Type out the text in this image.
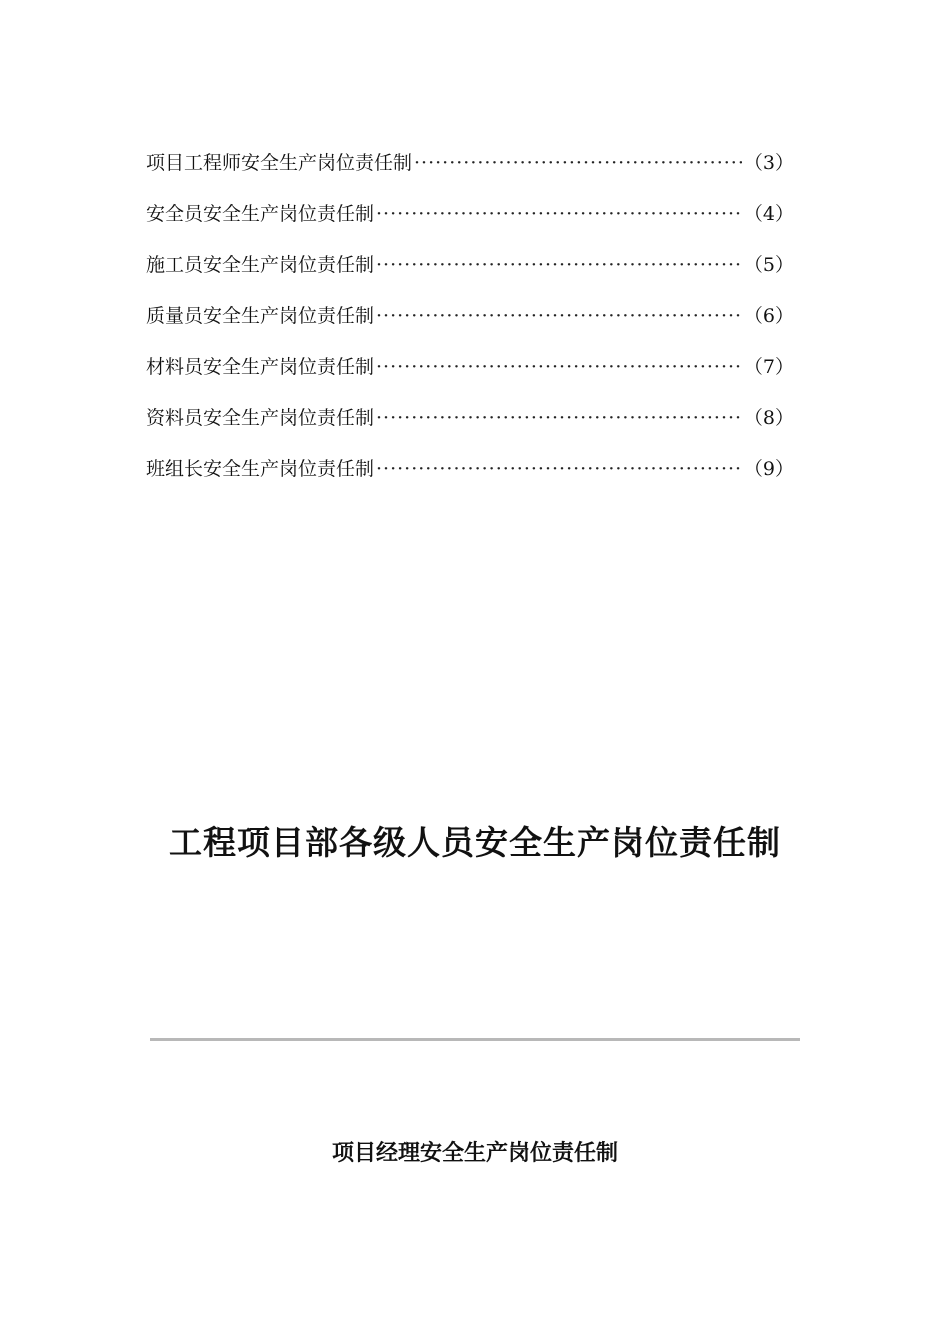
项目工程师安全生产岗位责任制 ·····	（3）
安全员安全生产岗位责任制 ·····	（4）
施工员安全生产岗位责任制 ·····	（5）
质量员安全生产岗位责任制 ·····	（6）
材料员安全生产岗位责任制 ·····	（7）
资料员安全生产岗位责任制 ·····	（8）
班组长安全生产岗位责任制 ·····	（9）
工程项目部各级人员安全生产岗位责任制
项目经理安全生产岗位责任制
